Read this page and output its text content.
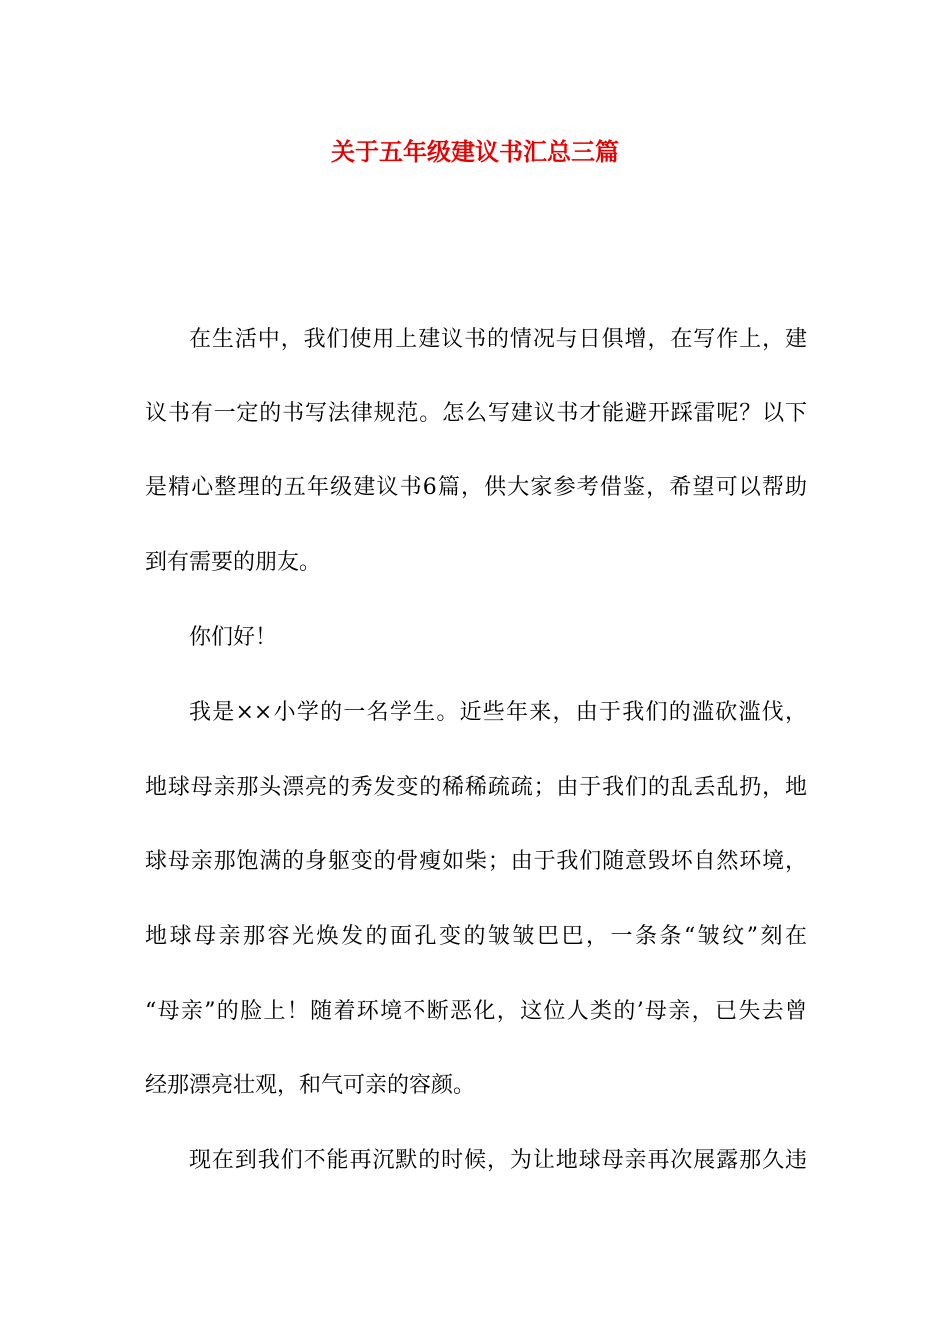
关于五年级建议书汇总三篇

在生活中，我们使用上建议书的情况与日俱增，在写作上，建

议书有一定的书写法律规范。怎么写建议书才能避开踩雷呢？以下

是精心整理的五年级建议书6篇，供大家参考借鉴，希望可以帮助

到有需要的朋友。

你们好！

我是××小学的一名学生。近些年来，由于我们的滥砍滥伐，

地球母亲那头漂亮的秀发变的稀稀疏疏；由于我们的乱丢乱扔，地

球母亲那饱满的身躯变的骨瘦如柴；由于我们随意毁坏自然环境，

地球母亲那容光焕发的面孔变的皱皱巴巴，一条条“皱纹”刻在

“母亲”的脸上！随着环境不断恶化，这位人类的’母亲，已失去曾

经那漂亮壮观，和气可亲的容颜。

现在到我们不能再沉默的时候，为让地球母亲再次展露那久违
